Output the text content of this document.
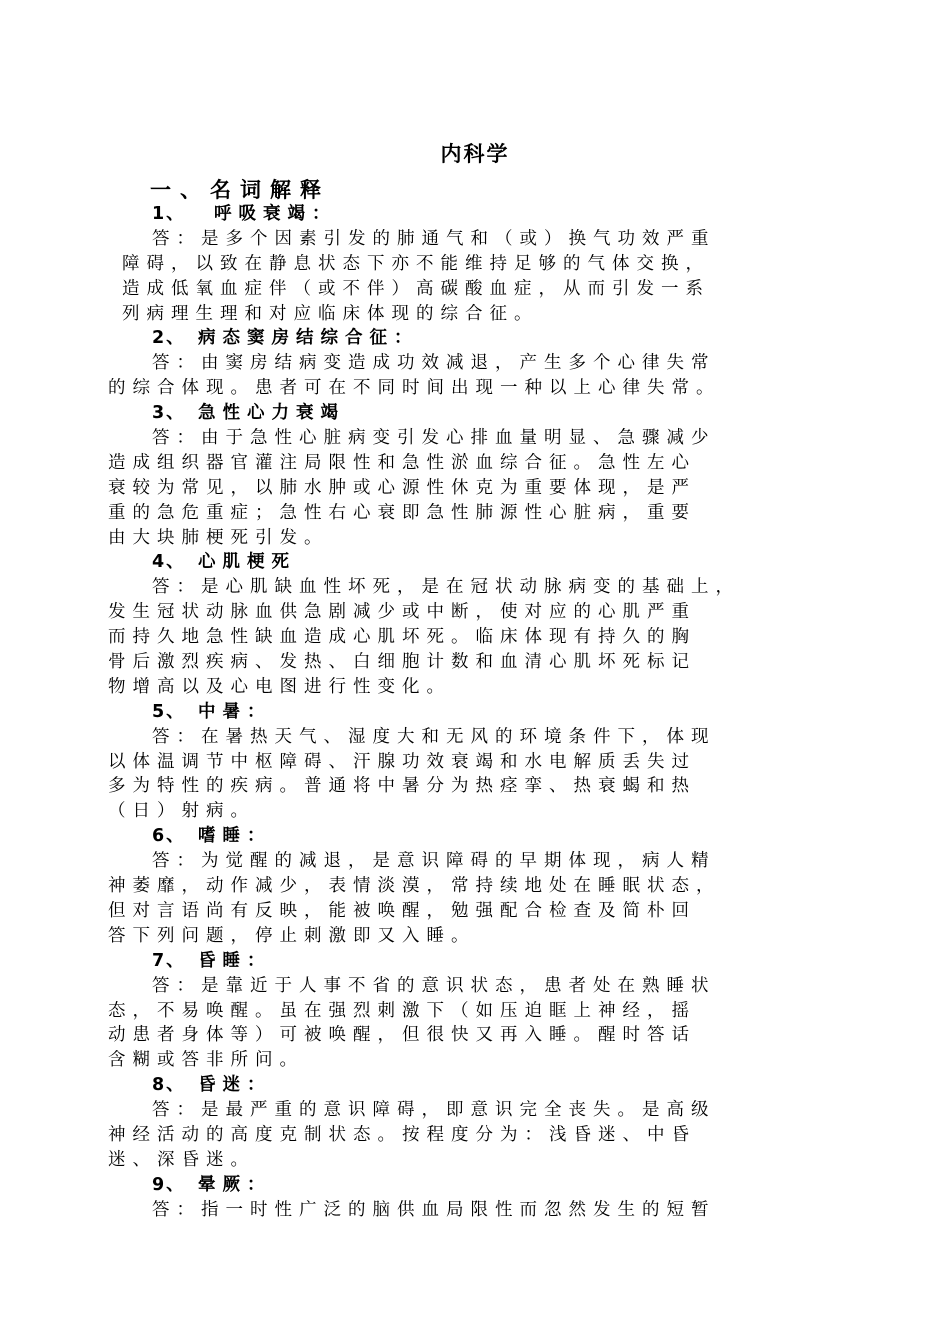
内科学
一、名词解释
1、 呼吸衰竭：
答：是多个因素引发的肺通气和（或）换气功效严重
障碍，以致在静息状态下亦不能维持足够的气体交换，
造成低氧血症伴（或不伴）高碳酸血症，从而引发一系
列病理生理和对应临床体现的综合征。
2、 病态窦房结综合征：
答：由窦房结病变造成功效减退，产生多个心律失常
的综合体现。患者可在不同时间出现一种以上心律失常。
3、 急性心力衰竭
答：由于急性心脏病变引发心排血量明显、急骤减少
造成组织器官灌注局限性和急性淤血综合征。急性左心
衰较为常见，以肺水肿或心源性休克为重要体现，是严
重的急危重症；急性右心衰即急性肺源性心脏病，重要
由大块肺梗死引发。
4、 心肌梗死
答：是心肌缺血性坏死，是在冠状动脉病变的基础上，
发生冠状动脉血供急剧减少或中断，使对应的心肌严重
而持久地急性缺血造成心肌坏死。临床体现有持久的胸
骨后激烈疾病、发热、白细胞计数和血清心肌坏死标记
物增高以及心电图进行性变化。
5、 中暑：
答：在暑热天气、湿度大和无风的环境条件下，体现
以体温调节中枢障碍、汗腺功效衰竭和水电解质丢失过
多为特性的疾病。普通将中暑分为热痉挛、热衰蝎和热
（日）射病。
6、 嗜睡：
答：为觉醒的减退，是意识障碍的早期体现，病人精
神萎靡，动作减少，表情淡漠，常持续地处在睡眠状态，
但对言语尚有反映，能被唤醒，勉强配合检查及简朴回
答下列问题，停止刺激即又入睡。
7、 昏睡：
答：是靠近于人事不省的意识状态，患者处在熟睡状
态，不易唤醒。虽在强烈刺激下（如压迫眶上神经，摇
动患者身体等）可被唤醒，但很快又再入睡。醒时答话
含糊或答非所问。
8、 昏迷：
答：是最严重的意识障碍，即意识完全丧失。是高级
神经活动的高度克制状态。按程度分为：浅昏迷、中昏
迷、深昏迷。
9、 晕厥：
答：指一时性广泛的脑供血局限性而忽然发生的短暂
